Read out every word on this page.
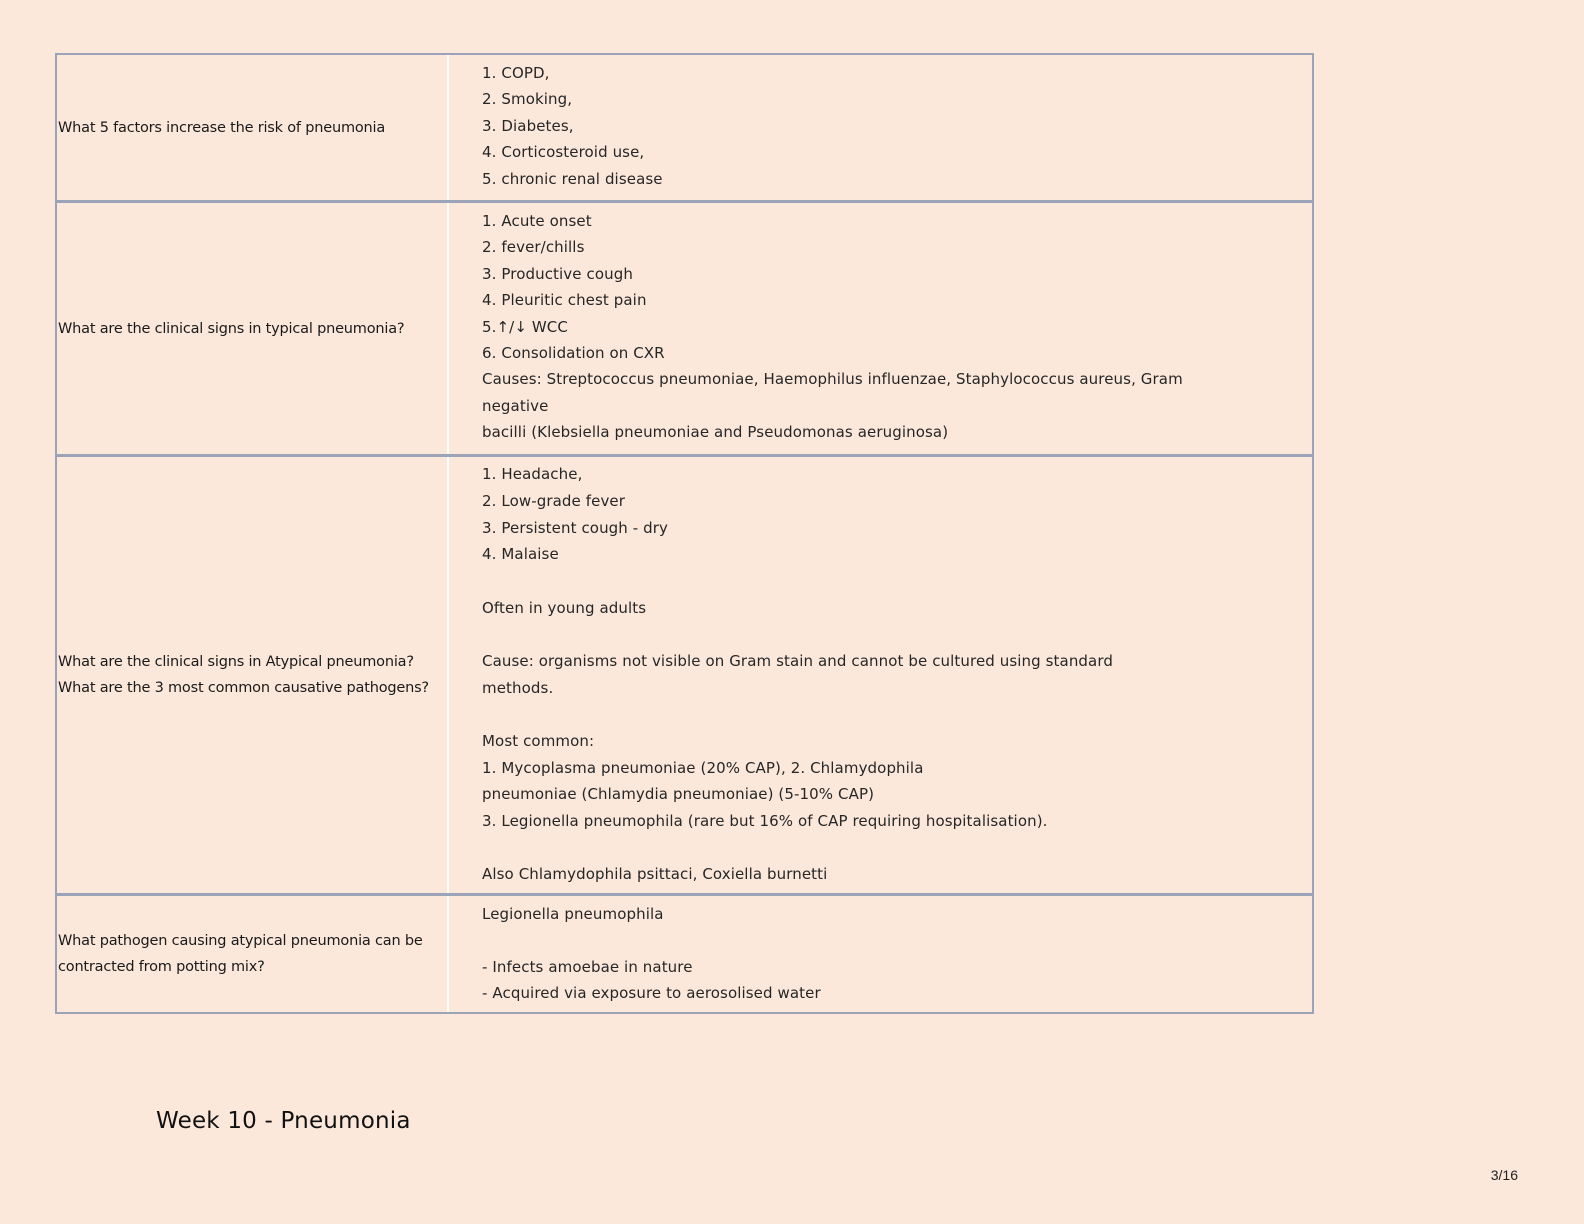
What 5 factors increase the risk of pneumonia
1. COPD,
2. Smoking,
3. Diabetes,
4. Corticosteroid use,
5. chronic renal disease
What are the clinical signs in typical pneumonia?
1. Acute onset
2. fever/chills
3. Productive cough
4. Pleuritic chest pain
5.↑/↓ WCC
6. Consolidation on CXR
Causes: Streptococcus pneumoniae, Haemophilus influenzae, Staphylococcus aureus, Gram
negative
bacilli (Klebsiella pneumoniae and Pseudomonas aeruginosa)
What are the clinical signs in Atypical pneumonia?
What are the 3 most common causative pathogens?
1. Headache,
2. Low-grade fever
3. Persistent cough - dry
4. Malaise
Often in young adults
Cause: organisms not visible on Gram stain and cannot be cultured using standard
methods.
Most common:
1. Mycoplasma pneumoniae (20% CAP), 2. Chlamydophila
pneumoniae (Chlamydia pneumoniae) (5-10% CAP)
3. Legionella pneumophila (rare but 16% of CAP requiring hospitalisation).
Also Chlamydophila psittaci, Coxiella burnetti
What pathogen causing atypical pneumonia can be
contracted from potting mix?
Legionella pneumophila
- Infects amoebae in nature
- Acquired via exposure to aerosolised water
Week 10 - Pneumonia
3/16
